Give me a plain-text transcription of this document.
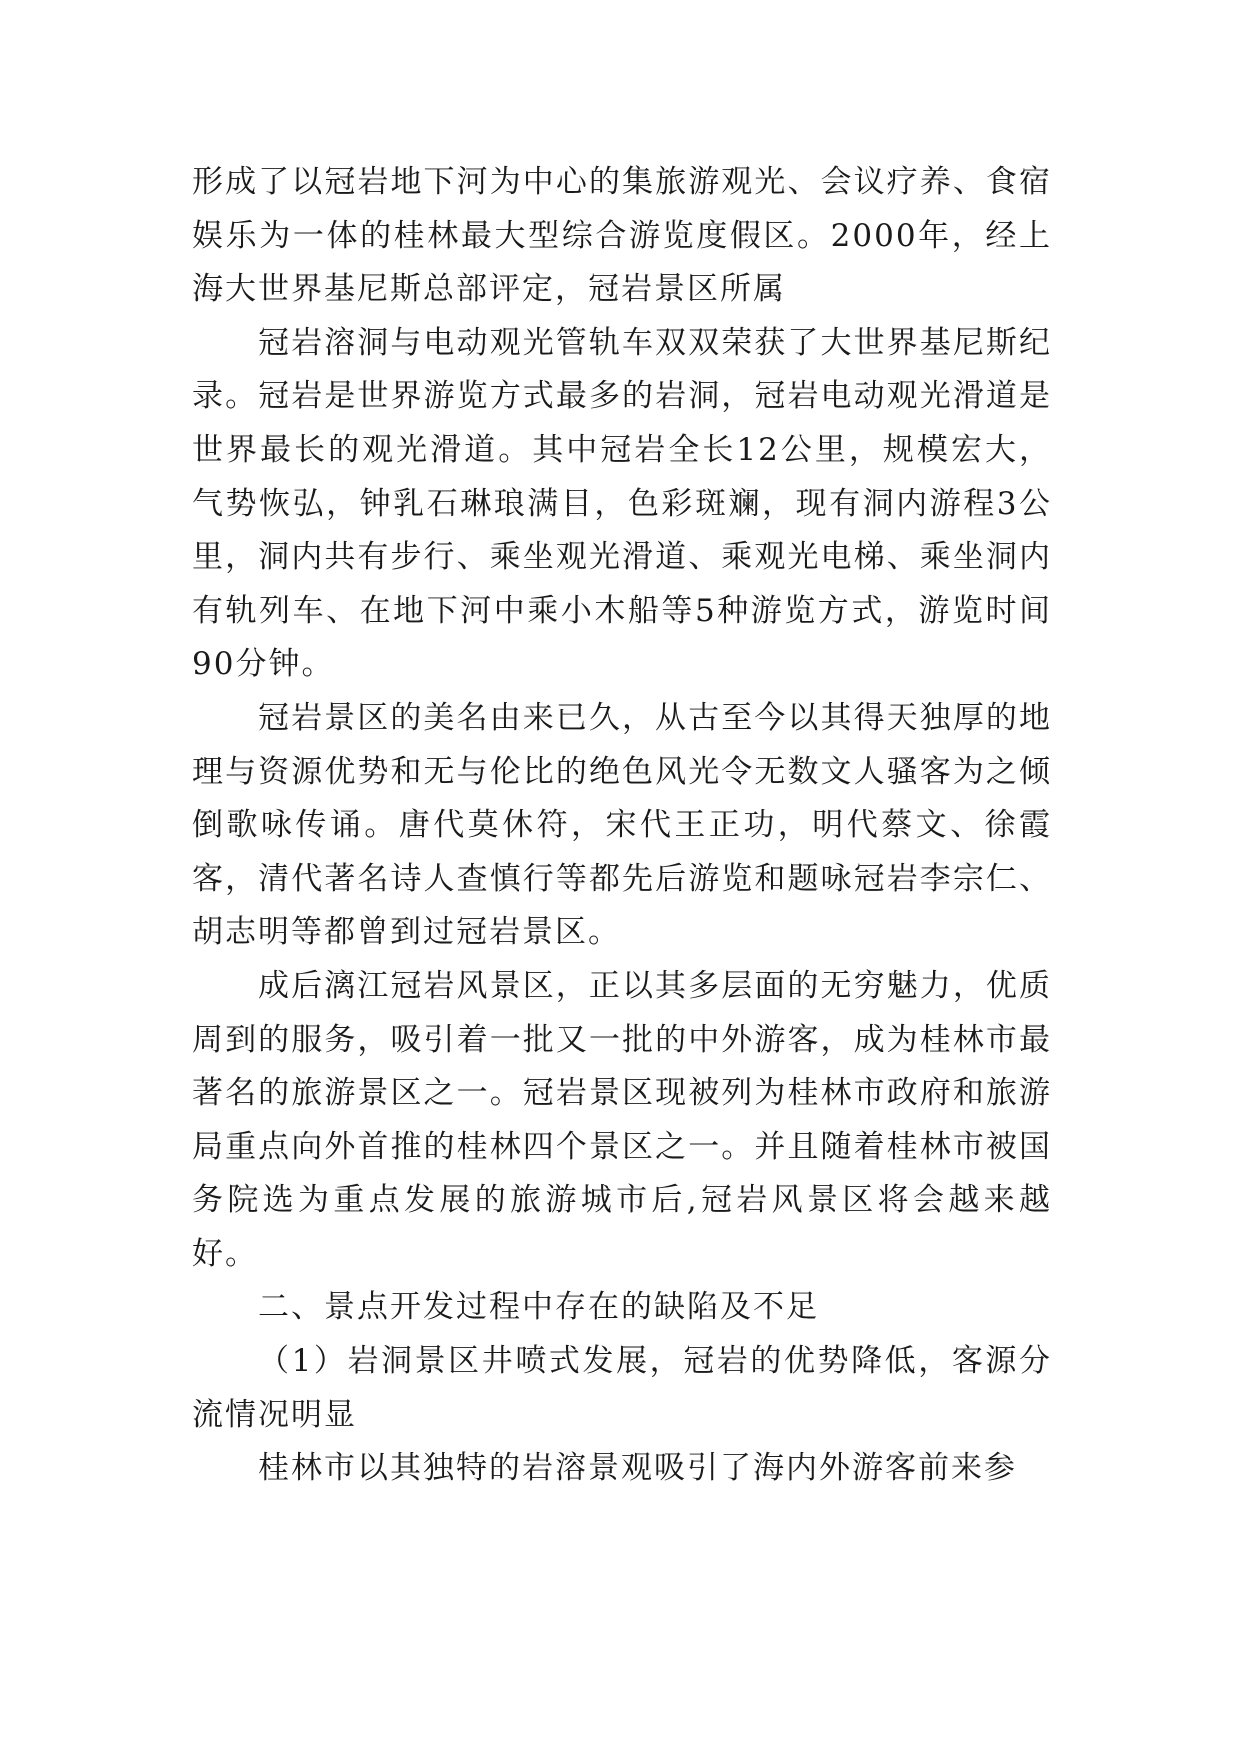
形成了以冠岩地下河为中心的集旅游观光、会议疗养、食宿娱乐为一体的桂林最大型综合游览度假区。2000年，经上海大世界基尼斯总部评定，冠岩景区所属

冠岩溶洞与电动观光管轨车双双荣获了大世界基尼斯纪录。冠岩是世界游览方式最多的岩洞，冠岩电动观光滑道是世界最长的观光滑道。其中冠岩全长12公里，规模宏大，气势恢弘，钟乳石琳琅满目，色彩斑斓，现有洞内游程3公里，洞内共有步行、乘坐观光滑道、乘观光电梯、乘坐洞内有轨列车、在地下河中乘小木船等5种游览方式，游览时间90分钟。

冠岩景区的美名由来已久，从古至今以其得天独厚的地理与资源优势和无与伦比的绝色风光令无数文人骚客为之倾倒歌咏传诵。唐代莫休符，宋代王正功，明代蔡文、徐霞客，清代著名诗人查慎行等都先后游览和题咏冠岩李宗仁、胡志明等都曾到过冠岩景区。

成后漓江冠岩风景区，正以其多层面的无穷魅力，优质周到的服务，吸引着一批又一批的中外游客，成为桂林市最著名的旅游景区之一。冠岩景区现被列为桂林市政府和旅游局重点向外首推的桂林四个景区之一。并且随着桂林市被国务院选为重点发展的旅游城市后,冠岩风景区将会越来越好。

二、景点开发过程中存在的缺陷及不足

（1）岩洞景区井喷式发展，冠岩的优势降低，客源分流情况明显

桂林市以其独特的岩溶景观吸引了海内外游客前来参
